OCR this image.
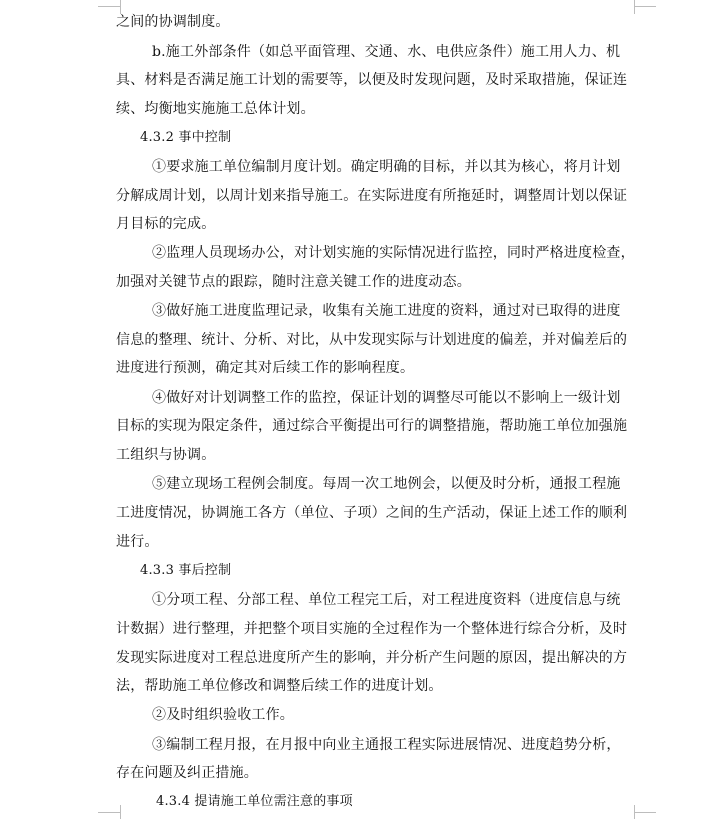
之间的协调制度。
b.施工外部条件（如总平面管理、交通、水、电供应条件）施工用人力、机
具、材料是否满足施工计划的需要等，以便及时发现问题，及时采取措施，保证连
续、均衡地实施施工总体计划。
4.3.2 事中控制
①要求施工单位编制月度计划。确定明确的目标，并以其为核心，将月计划
分解成周计划，以周计划来指导施工。在实际进度有所拖延时，调整周计划以保证
月目标的完成。
②监理人员现场办公，对计划实施的实际情况进行监控，同时严格进度检查，
加强对关键节点的跟踪，随时注意关键工作的进度动态。
③做好施工进度监理记录，收集有关施工进度的资料，通过对已取得的进度
信息的整理、统计、分析、对比，从中发现实际与计划进度的偏差，并对偏差后的
进度进行预测，确定其对后续工作的影响程度。
④做好对计划调整工作的监控，保证计划的调整尽可能以不影响上一级计划
目标的实现为限定条件，通过综合平衡提出可行的调整措施，帮助施工单位加强施
工组织与协调。
⑤建立现场工程例会制度。每周一次工地例会，以便及时分析，通报工程施
工进度情况，协调施工各方（单位、子项）之间的生产活动，保证上述工作的顺利
进行。
4.3.3 事后控制
①分项工程、分部工程、单位工程完工后，对工程进度资料（进度信息与统
计数据）进行整理，并把整个项目实施的全过程作为一个整体进行综合分析，及时
发现实际进度对工程总进度所产生的影响，并分析产生问题的原因，提出解决的方
法，帮助施工单位修改和调整后续工作的进度计划。
②及时组织验收工作。
③编制工程月报，在月报中向业主通报工程实际进展情况、进度趋势分析，
存在问题及纠正措施。
4.3.4 提请施工单位需注意的事项
